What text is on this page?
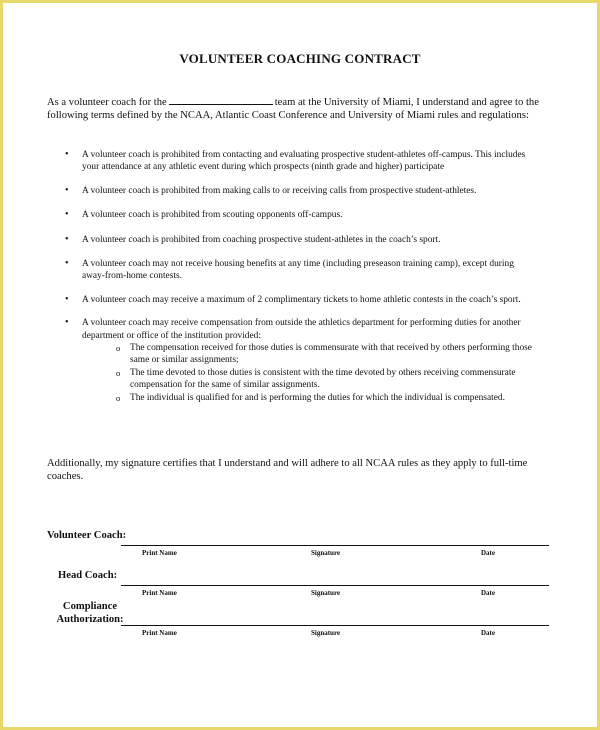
VOLUNTEER COACHING CONTRACT
As a volunteer coach for the	team at the University of Miami, I understand and agree to the following terms defined by the NCAA, Atlantic Coast Conference and University of Miami rules and regulations:
• A volunteer coach is prohibited from contacting and evaluating prospective student-athletes off-campus. This includes your attendance at any athletic event during which prospects (ninth grade and higher) participate
• A volunteer coach is prohibited from making calls to or receiving calls from prospective student-athletes.
• A volunteer coach is prohibited from scouting opponents off-campus.
• A volunteer coach is prohibited from coaching prospective student-athletes in the coach’s sport.
• A volunteer coach may not receive housing benefits at any time (including preseason training camp), except during away-from-home contests.
• A volunteer coach may receive a maximum of 2 complimentary tickets to home athletic contests in the coach’s sport.
• A volunteer coach may receive compensation from outside the athletics department for performing duties for another department or office of the institution provided:
o The compensation received for those duties is commensurate with that received by others performing those same or similar assignments;
o The time devoted to those duties is consistent with the time devoted by others receiving commensurate compensation for the same of similar assignments.
o The individual is qualified for and is performing the duties for which the individual is compensated.
Additionally, my signature certifies that I understand and will adhere to all NCAA rules as they apply to full-time coaches.
Volunteer Coach:
Print Name	Signature	Date
Head Coach:
Print Name	Signature	Date
Compliance
Authorization:
Print Name	Signature	Date
